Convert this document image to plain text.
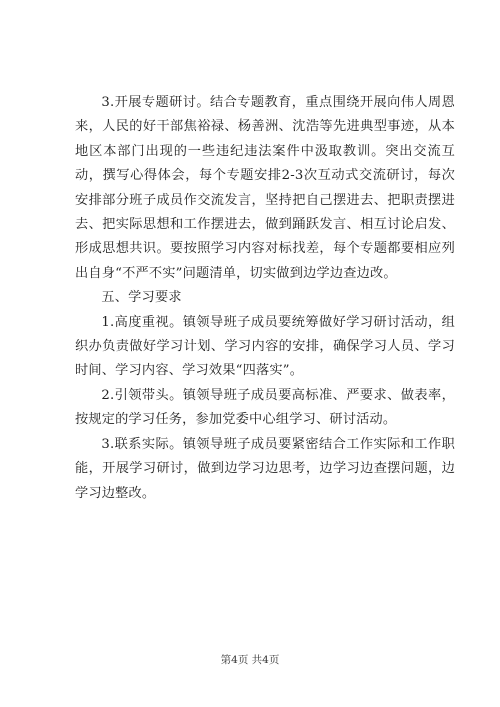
3.开展专题研讨。结合专题教育，重点围绕开展向伟人周恩来，人民的好干部焦裕禄、杨善洲、沈浩等先进典型事迹，从本地区本部门出现的一些违纪违法案件中汲取教训。突出交流互动，撰写心得体会，每个专题安排2-3次互动式交流研讨，每次安排部分班子成员作交流发言，坚持把自己摆进去、把职责摆进去、把实际思想和工作摆进去，做到踊跃发言、相互讨论启发、形成思想共识。要按照学习内容对标找差，每个专题都要相应列出自身“不严不实”问题清单，切实做到边学边查边改。

五、学习要求

1.高度重视。镇领导班子成员要统筹做好学习研讨活动，组织办负责做好学习计划、学习内容的安排，确保学习人员、学习时间、学习内容、学习效果“四落实”。

2.引领带头。镇领导班子成员要高标准、严要求、做表率，按规定的学习任务，参加党委中心组学习、研讨活动。

3.联系实际。镇领导班子成员要紧密结合工作实际和工作职能，开展学习研讨，做到边学习边思考，边学习边查摆问题，边学习边整改。

第4页 共4页
